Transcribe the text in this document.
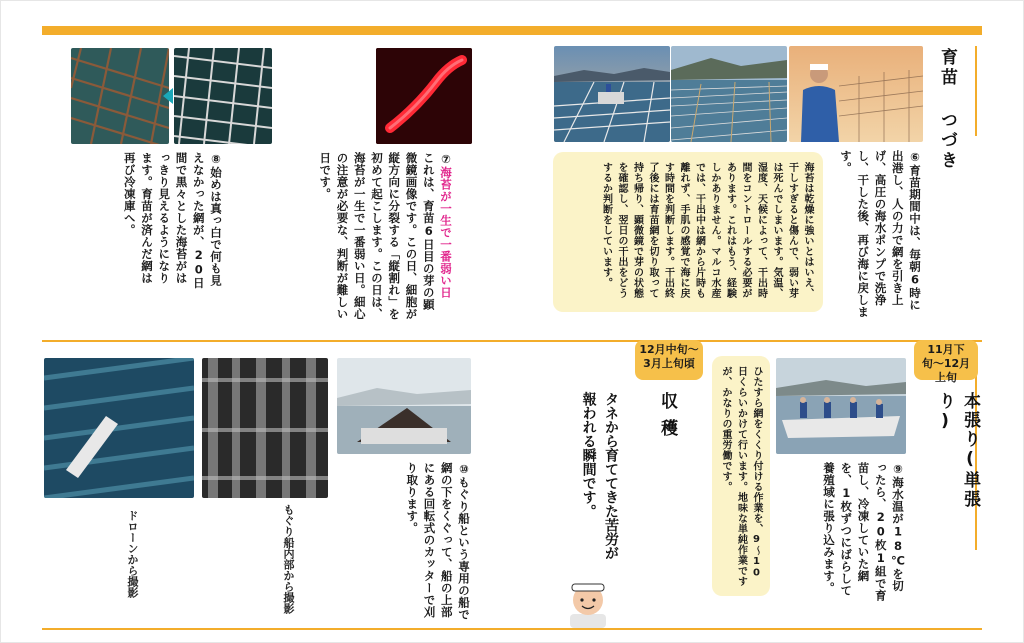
育苗 つづき
⑥育苗期間中は、毎朝6時に出港し、人の力で網を引き上げ、高圧の海水ポンプで洗浄し、干した後、再び海に戻します。
海苔は乾燥に強いとはいえ、干しすぎると傷んで、弱い芽は死んでしまいます。気温、湿度、天候によって、干出時間をコントロールする必要があります。これはもう、経験しかありません。マルコ水産では、干出中は網から片時も離れず、手肌の感覚で海に戻す時間を判断します。干出終了後には育苗網を切り取って持ち帰り、顕微鏡で芽の状態を確認し、翌日の干出をどうするか判断をしています。
⑦海苔が一生で一番弱い日
これは、育苗6日目の芽の顕微鏡画像です。この日、細胞が縦方向に分裂する「縦割れ」を初めて起こします。この日は、海苔が一生で一番弱い日。細心の注意が必要な、判断が難しい日です。
⑧始めは真っ白で何も見えなかった網が、20日間で黒々とした海苔がはっきり見えるようになります。育苗が済んだ網は再び冷凍庫へ。
11月下旬〜12月上旬
本張り(単張り)
⑨海水温が18℃を切ったら、20枚1組で育苗し、冷凍していた網を、1枚ずつにばらして養殖域に張り込みます。
ひたすら網をくくり付ける作業を、9〜10日くらいかけて行います。地味な単純作業ですが、かなりの重労働です。
12月中旬〜3月上旬頃
収穫
タネから育ててきた苦労が報われる瞬間です。
⑩もぐり船という専用の船で網の下をくぐって、船の上部にある回転式のカッターで刈り取ります。
もぐり船内部から撮影
ドローンから撮影
